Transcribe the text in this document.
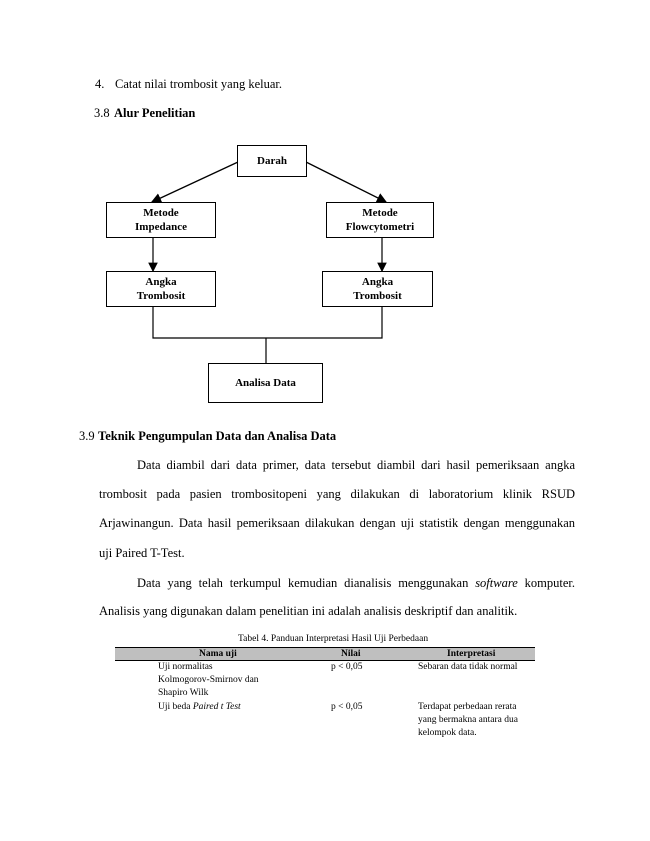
4. Catat nilai trombosit yang keluar.
3.8 Alur Penelitian
Darah
Metode
Impedance
Metode
Flowcytometri
Angka
Trombosit
Angka
Trombosit
Analisa Data
3.9 Teknik Pengumpulan Data dan Analisa Data
Data diambil dari data primer, data tersebut diambil dari hasil pemeriksaan angka
trombosit pada pasien trombositopeni yang dilakukan di laboratorium klinik RSUD
Arjawinangun. Data hasil pemeriksaan dilakukan dengan uji statistik dengan menggunakan
uji Paired T-Test.
Data yang telah terkumpul kemudian dianalisis menggunakan software komputer.
Analisis yang digunakan dalam penelitian ini adalah analisis deskriptif dan analitik.
Tabel 4. Panduan Interpretasi Hasil Uji Perbedaan
Nama uji	Nilai	Interpretasi
Uji normalitas
Kolmogorov-Smirnov dan
Shapiro Wilk
p < 0,05	Sebaran data tidak normal
Uji beda Paired t Test	p < 0,05	Terdapat perbedaan rerata
yang bermakna antara dua
kelompok data.
